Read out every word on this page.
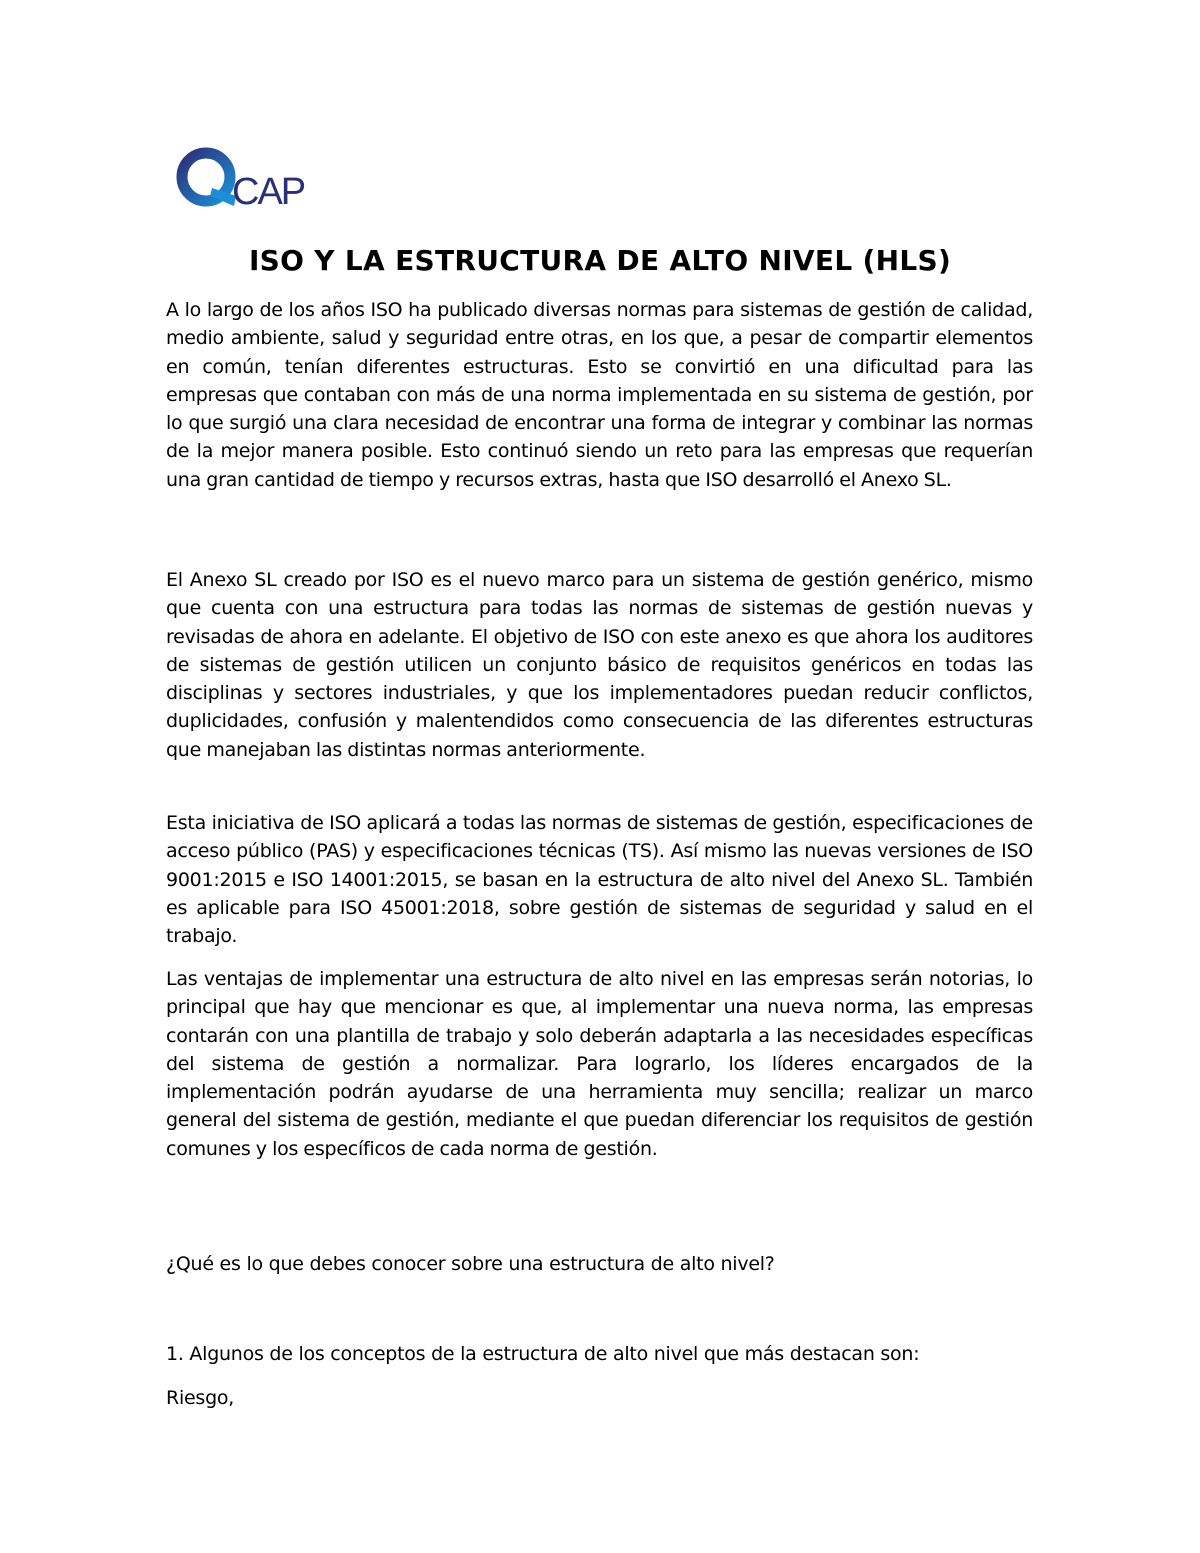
CAP
ISO Y LA ESTRUCTURA DE ALTO NIVEL (HLS)

A lo largo de los años ISO ha publicado diversas normas para sistemas de gestión de calidad, medio ambiente, salud y seguridad entre otras, en los que, a pesar de compartir elementos en común, tenían diferentes estructuras. Esto se convirtió en una dificultad para las empresas que contaban con más de una norma implementada en su sistema de gestión, por lo que surgió una clara necesidad de encontrar una forma de integrar y combinar las normas de la mejor manera posible. Esto continuó siendo un reto para las empresas que requerían una gran cantidad de tiempo y recursos extras, hasta que ISO desarrolló el Anexo SL.

El Anexo SL creado por ISO es el nuevo marco para un sistema de gestión genérico, mismo que cuenta con una estructura para todas las normas de sistemas de gestión nuevas y revisadas de ahora en adelante. El objetivo de ISO con este anexo es que ahora los auditores de sistemas de gestión utilicen un conjunto básico de requisitos genéricos en todas las disciplinas y sectores industriales, y que los implementadores puedan reducir conflictos, duplicidades, confusión y malentendidos como consecuencia de las diferentes estructuras que manejaban las distintas normas anteriormente.

Esta iniciativa de ISO aplicará a todas las normas de sistemas de gestión, especificaciones de acceso público (PAS) y especificaciones técnicas (TS). Así mismo las nuevas versiones de ISO 9001:2015 e ISO 14001:2015, se basan en la estructura de alto nivel del Anexo SL. También es aplicable para ISO 45001:2018, sobre gestión de sistemas de seguridad y salud en el trabajo.

Las ventajas de implementar una estructura de alto nivel en las empresas serán notorias, lo principal que hay que mencionar es que, al implementar una nueva norma, las empresas contarán con una plantilla de trabajo y solo deberán adaptarla a las necesidades específicas del sistema de gestión a normalizar. Para lograrlo, los líderes encargados de la implementación podrán ayudarse de una herramienta muy sencilla; realizar un marco general del sistema de gestión, mediante el que puedan diferenciar los requisitos de gestión comunes y los específicos de cada norma de gestión.

¿Qué es lo que debes conocer sobre una estructura de alto nivel?

1. Algunos de los conceptos de la estructura de alto nivel que más destacan son:

Riesgo,
